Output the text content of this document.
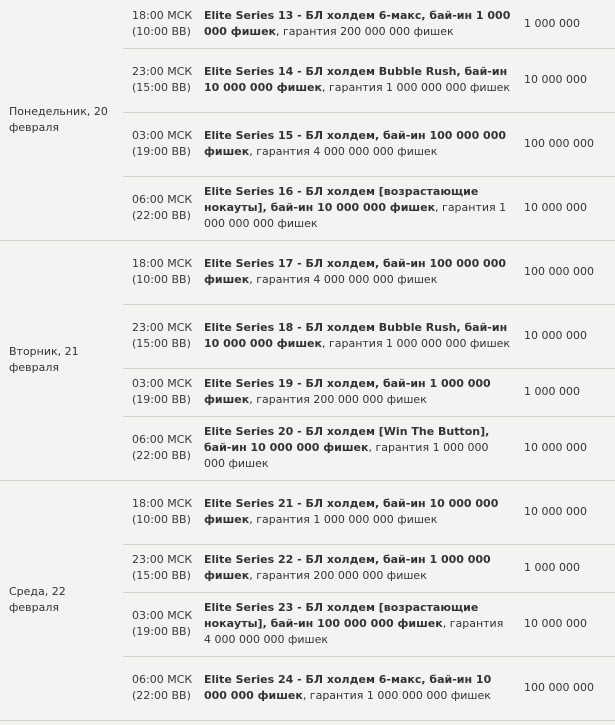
Понедельник, 20 февраля		18:00 МСК
(10:00 ВВ)	Elite Series 13 - БЛ холдем 6-макс, бай-ин 1 000 000 фишек, гарантия 200 000 000 фишек	1 000 000

		23:00 МСК
(15:00 ВВ)	Elite Series 14 - БЛ холдем Bubble Rush, бай-ин 10 000 000 фишек, гарантия 1 000 000 000 фишек	10 000 000

		03:00 МСК
(19:00 ВВ)	Elite Series 15 - БЛ холдем, бай-ин 100 000 000 фишек, гарантия 4 000 000 000 фишек	100 000 000

		06:00 МСК
(22:00 ВВ)	Elite Series 16 - БЛ холдем [возрастающие нокауты], бай-ин 10 000 000 фишек, гарантия 1 000 000 000 фишек	10 000 000
Вторник, 21 февраля		18:00 МСК
(10:00 ВВ)	Elite Series 17 - БЛ холдем, бай-ин 100 000 000 фишек, гарантия 4 000 000 000 фишек	100 000 000

		23:00 МСК
(15:00 ВВ)	Elite Series 18 - БЛ холдем Bubble Rush, бай-ин 10 000 000 фишек, гарантия 1 000 000 000 фишек	10 000 000

		03:00 МСК
(19:00 ВВ)	Elite Series 19 - БЛ холдем, бай-ин 1 000 000 фишек, гарантия 200 000 000 фишек	1 000 000

		06:00 МСК
(22:00 ВВ)	Elite Series 20 - БЛ холдем [Win The Button], бай-ин 10 000 000 фишек, гарантия 1 000 000 000 фишек	10 000 000
Среда, 22 февраля		18:00 МСК
(10:00 ВВ)	Elite Series 21 - БЛ холдем, бай-ин 10 000 000 фишек, гарантия 1 000 000 000 фишек	10 000 000

		23:00 МСК
(15:00 ВВ)	Elite Series 22 - БЛ холдем, бай-ин 1 000 000 фишек, гарантия 200 000 000 фишек	1 000 000

		03:00 МСК
(19:00 ВВ)	Elite Series 23 - БЛ холдем [возрастающие нокауты], бай-ин 100 000 000 фишек, гарантия 4 000 000 000 фишек	10 000 000

		06:00 МСК
(22:00 ВВ)	Elite Series 24 - БЛ холдем 6-макс, бай-ин 10 000 000 фишек, гарантия 1 000 000 000 фишек	100 000 000
